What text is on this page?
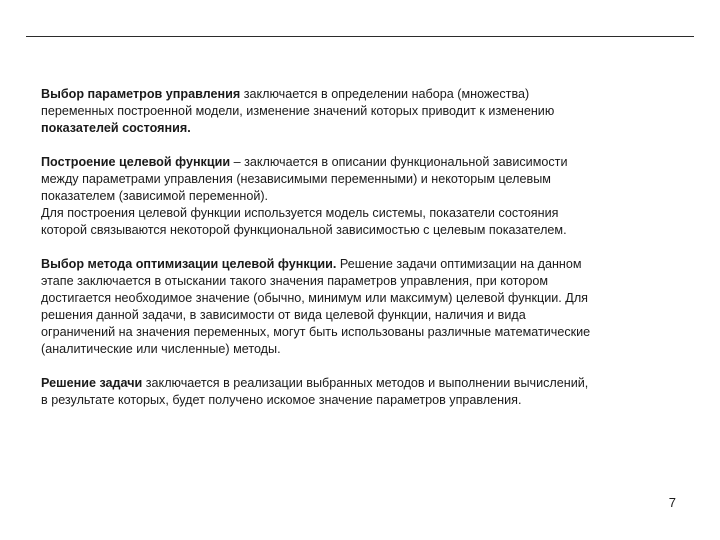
Выбор параметров управления заключается в определении набора (множества)
переменных построенной модели, изменение значений которых приводит к изменению
показателей состояния.

Построение целевой функции – заключается в описании функциональной зависимости
между параметрами управления (независимыми переменными) и некоторым целевым
показателем (зависимой переменной).
Для построения целевой функции используется модель системы, показатели состояния
которой связываются некоторой функциональной зависимостью с целевым показателем.

Выбор метода оптимизации целевой функции. Решение задачи оптимизации на данном
этапе заключается в отыскании такого значения параметров управления, при котором
достигается необходимое значение (обычно, минимум или максимум) целевой функции. Для
решения данной задачи, в зависимости от вида целевой функции, наличия и вида
ограничений на значения переменных, могут быть использованы различные математические
(аналитические или численные) методы.

Решение задачи заключается в реализации выбранных методов и выполнении вычислений,
в результате которых, будет получено искомое значение параметров управления.

7
